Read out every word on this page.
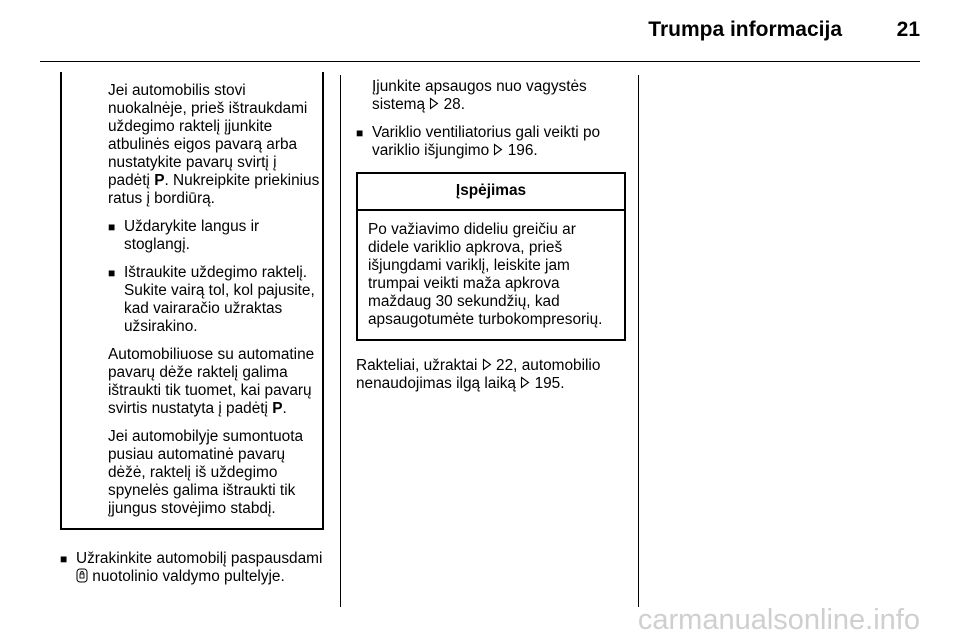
Trumpa informacija	21

Jei automobilis stovi nuokalnėje, prieš ištraukdami uždegimo raktelį įjunkite atbulinės eigos pavarą arba nustatykite pavarų svirtį į padėtį P. Nukreipkite priekinius ratus į bordiūrą.

■ Uždarykite langus ir stoglangį.
■ Ištraukite uždegimo raktelį. Sukite vairą tol, kol pajusite, kad vairaračio užraktas užsirakino.

Automobiliuose su automatine pavarų dėže raktelį galima ištraukti tik tuomet, kai pavarų svirtis nustatyta į padėtį P.

Jei automobilyje sumontuota pusiau automatinė pavarų dėžė, raktelį iš uždegimo spynelės galima ištraukti tik įjungus stovėjimo stabdį.

■ Užrakinkite automobilį paspausdami  nuotolinio valdymo pultelyje.

Įjunkite apsaugos nuo vagystės sistemą  28.

■ Variklio ventiliatorius gali veikti po variklio išjungimo  196.
Įspėjimas
Po važiavimo dideliu greičiu ar didele variklio apkrova, prieš išjungdami variklį, leiskite jam trumpai veikti maža apkrova maždaug 30 sekundžių, kad apsaugotumėte turbokompresorių.

Rakteliai, užraktai  22, automobilio nenaudojimas ilgą laiką  195.

carmanualsonline.info
